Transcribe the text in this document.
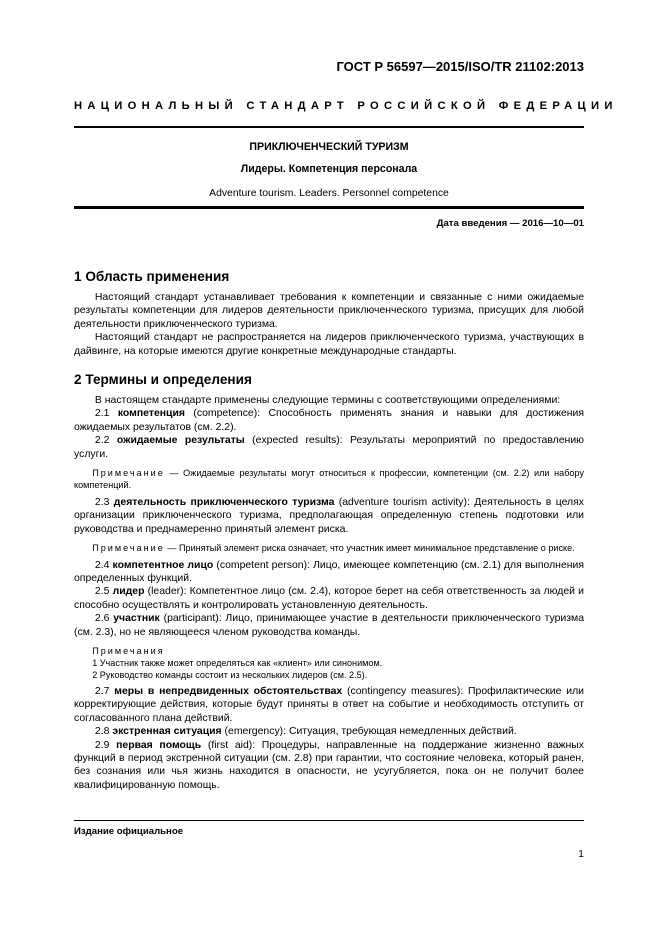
ГОСТ Р 56597—2015/ISO/TR 21102:2013
НАЦИОНАЛЬНЫЙ СТАНДАРТ РОССИЙСКОЙ ФЕДЕРАЦИИ
ПРИКЛЮЧЕНЧЕСКИЙ ТУРИЗМ
Лидеры. Компетенция персонала
Adventure tourism. Leaders. Personnel competence
Дата введения — 2016—10—01
1 Область применения

Настоящий стандарт устанавливает требования к компетенции и связанные с ними ожидаемые результаты компетенции для лидеров деятельности приключенческого туризма, присущих для любой деятельности приключенческого туризма.

Настоящий стандарт не распространяется на лидеров приключенческого туризма, участвующих в дайвинге, на которые имеются другие конкретные международные стандарты.

2 Термины и определения

В настоящем стандарте применены следующие термины с соответствующими определениями:

2.1 компетенция (competence): Способность применять знания и навыки для достижения ожидаемых результатов (см. 2.2).

2.2 ожидаемые результаты (expected results): Результаты мероприятий по предоставлению услуги.

Примечание — Ожидаемые результаты могут относиться к профессии, компетенции (см. 2.2) или набору компетенций.

2.3 деятельность приключенческого туризма (adventure tourism activity): Деятельность в целях организации приключенческого туризма, предполагающая определенную степень подготовки или руководства и преднамеренно принятый элемент риска.

Примечание — Принятый элемент риска означает, что участник имеет минимальное представление о риске.

2.4 компетентное лицо (competent person): Лицо, имеющее компетенцию (см. 2.1) для выполнения определенных функций.

2.5 лидер (leader): Компетентное лицо (см. 2.4), которое берет на себя ответственность за людей и способно осуществлять и контролировать установленную деятельность.

2.6 участник (participant): Лицо, принимающее участие в деятельности приключенческого туризма (см. 2.3), но не являющееся членом руководства команды.

Примечания

1 Участник также может определяться как «клиент» или синонимом.

2 Руководство команды состоит из нескольких лидеров (см. 2.5).

2.7 меры в непредвиденных обстоятельствах (contingency measures): Профилактические или корректирующие действия, которые будут приняты в ответ на событие и необходимость отступить от согласованного плана действий.

2.8 экстренная ситуация (emergency): Ситуация, требующая немедленных действий.

2.9 первая помощь (first aid): Процедуры, направленные на поддержание жизненно важных функций в период экстренной ситуации (см. 2.8) при гарантии, что состояние человека, который ранен, без сознания или чья жизнь находится в опасности, не усугубляется, пока он не получит более квалифицированную помощь.

Издание официальное
1
